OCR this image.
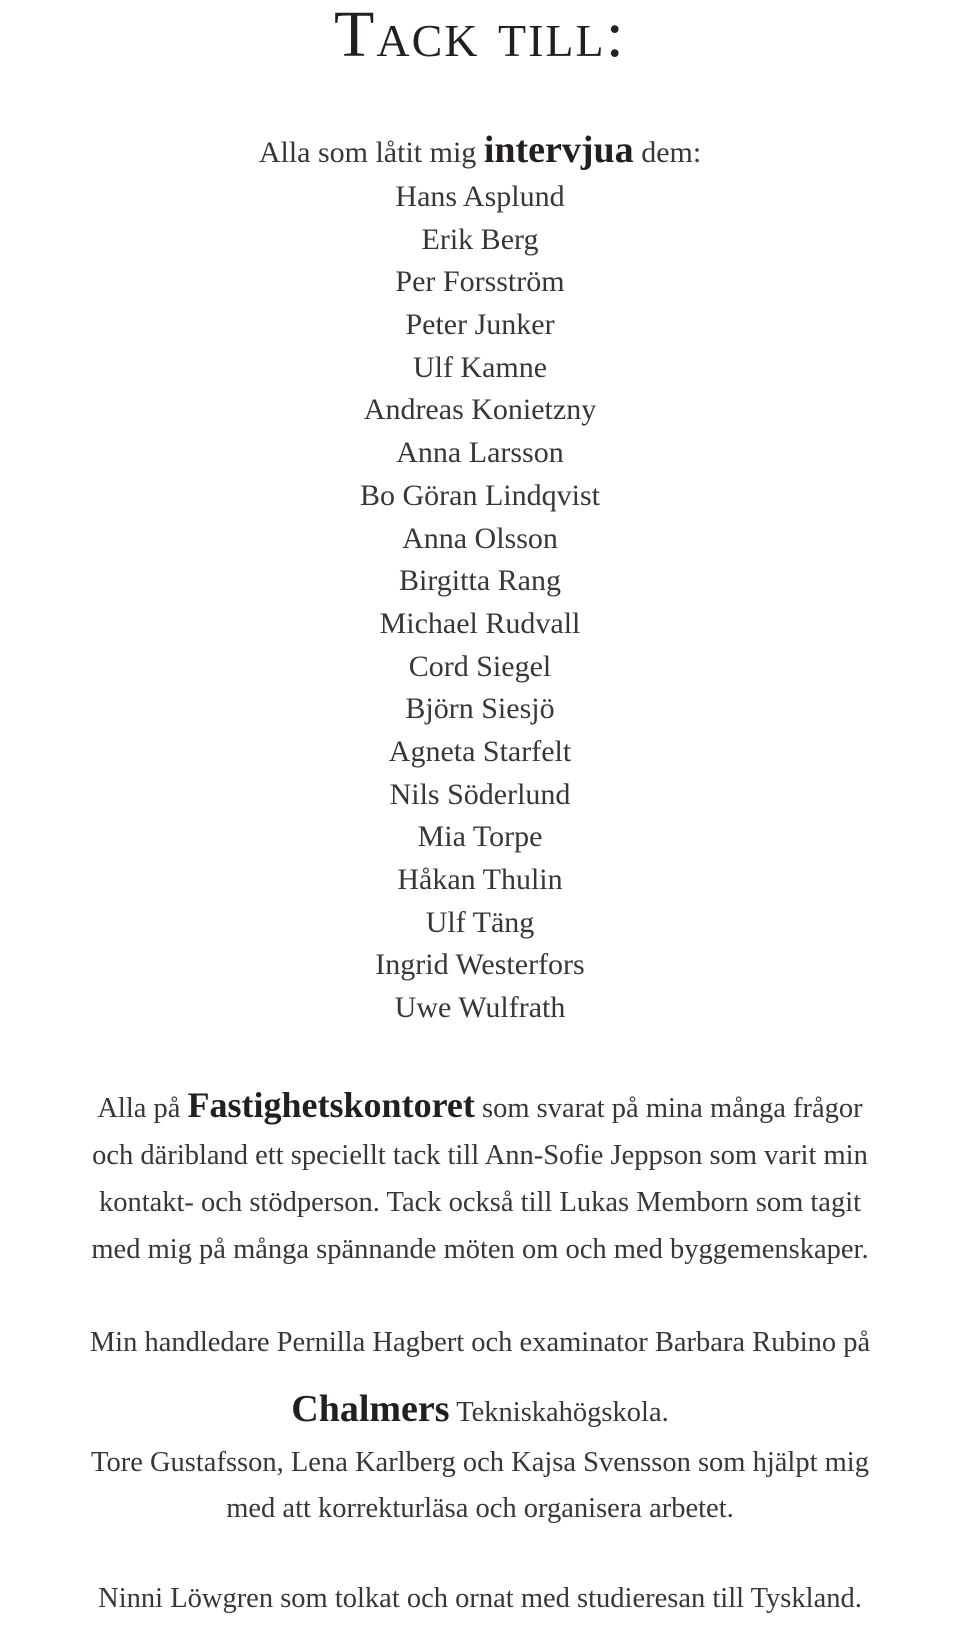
Tack till:
Alla som låtit mig intervjua dem:
Hans Asplund
Erik Berg
Per Forsström
Peter Junker
Ulf Kamne
Andreas Konietzny
Anna Larsson
Bo Göran Lindqvist
Anna Olsson
Birgitta Rang
Michael Rudvall
Cord Siegel
Björn Siesjö
Agneta Starfelt
Nils Söderlund
Mia Torpe
Håkan Thulin
Ulf Täng
Ingrid Westerfors
Uwe Wulfrath
Alla på Fastighetskontoret som svarat på mina många frågor
och däribland ett speciellt tack till Ann-Sofie Jeppson som varit min
kontakt- och stödperson. Tack också till Lukas Memborn som tagit
med mig på många spännande möten om och med byggemenskaper.
Min handledare Pernilla Hagbert och examinator Barbara Rubino på
Chalmers Tekniskahögskola.
Tore Gustafsson, Lena Karlberg och Kajsa Svensson som hjälpt mig
med att korrekturläsa och organisera arbetet.
Ninni Löwgren som tolkat och ornat med studieresan till Tyskland.
